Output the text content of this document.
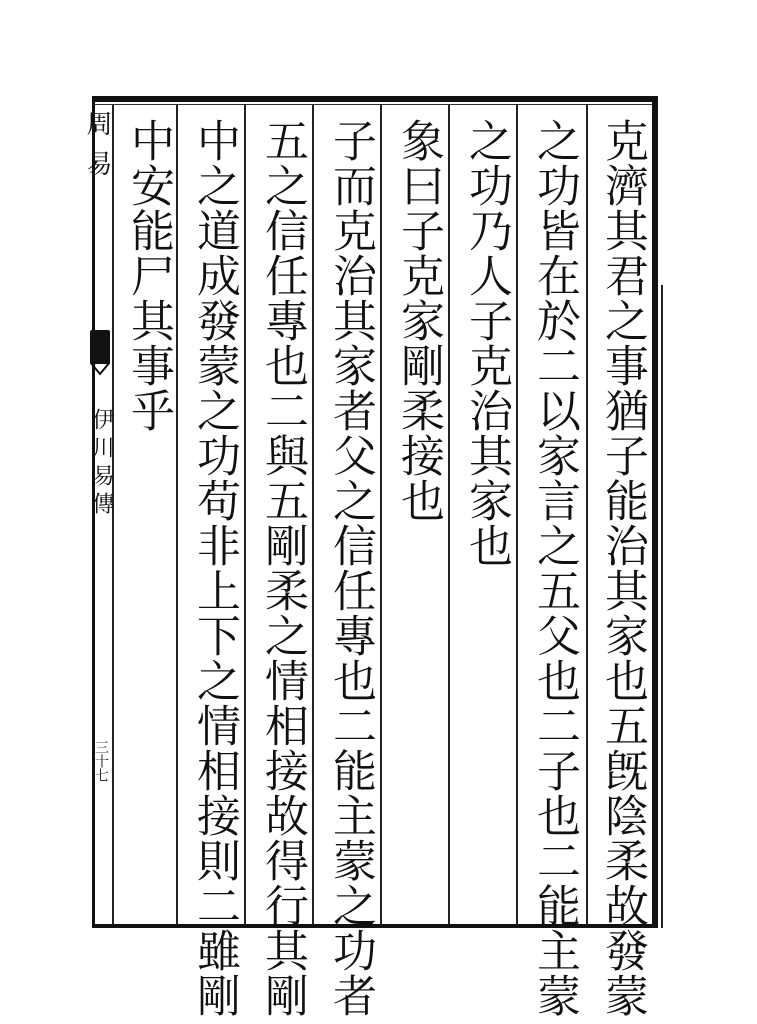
克濟其君之事猶子能治其家也五旣陰柔故發蒙

之功皆在於二以家言之五父也二子也二能主蒙

之功乃人子克治其家也

象曰子克家剛柔接也

子而克治其家者父之信任專也二能主蒙之功者

五之信任專也二與五剛柔之情相接故得行其剛

中之道成發蒙之功苟非上下之情相接則二雖剛

中安能尸其事乎

周易
伊川易傳
三十七
